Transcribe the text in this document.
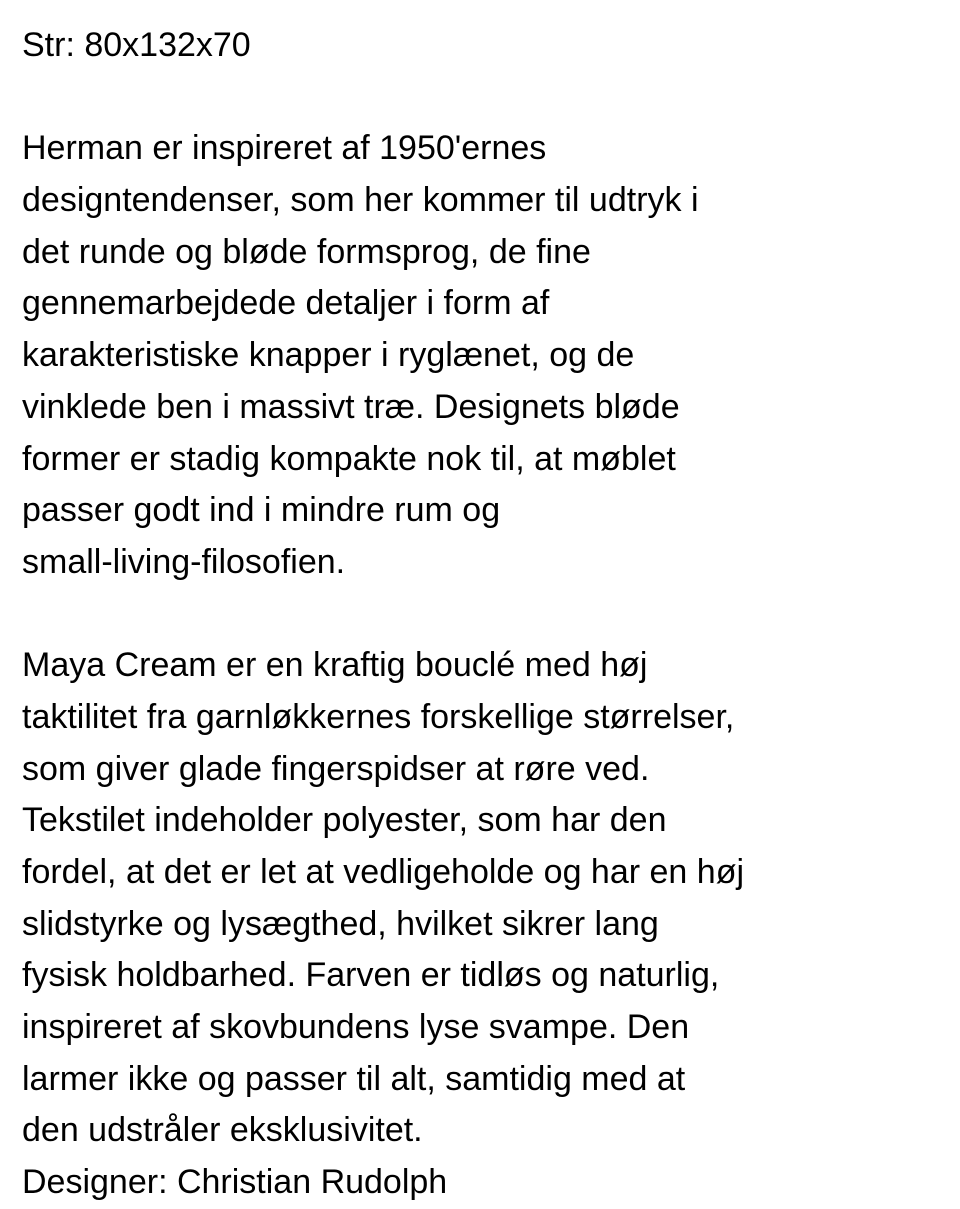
Str: 80x132x70
Herman er inspireret af 1950'ernes
designtendenser, som her kommer til udtryk i
det runde og bløde formsprog, de fine
gennemarbejdede detaljer i form af
karakteristiske knapper i ryglænet, og de
vinklede ben i massivt træ. Designets bløde
former er stadig kompakte nok til, at møblet
passer godt ind i mindre rum og
small-living-filosofien.
Maya Cream er en kraftig bouclé med høj
taktilitet fra garnløkkernes forskellige størrelser,
som giver glade fingerspidser at røre ved.
Tekstilet indeholder polyester, som har den
fordel, at det er let at vedligeholde og har en høj
slidstyrke og lysægthed, hvilket sikrer lang
fysisk holdbarhed. Farven er tidløs og naturlig,
inspireret af skovbundens lyse svampe. Den
larmer ikke og passer til alt, samtidig med at
den udstråler eksklusivitet.
Designer: Christian Rudolph
